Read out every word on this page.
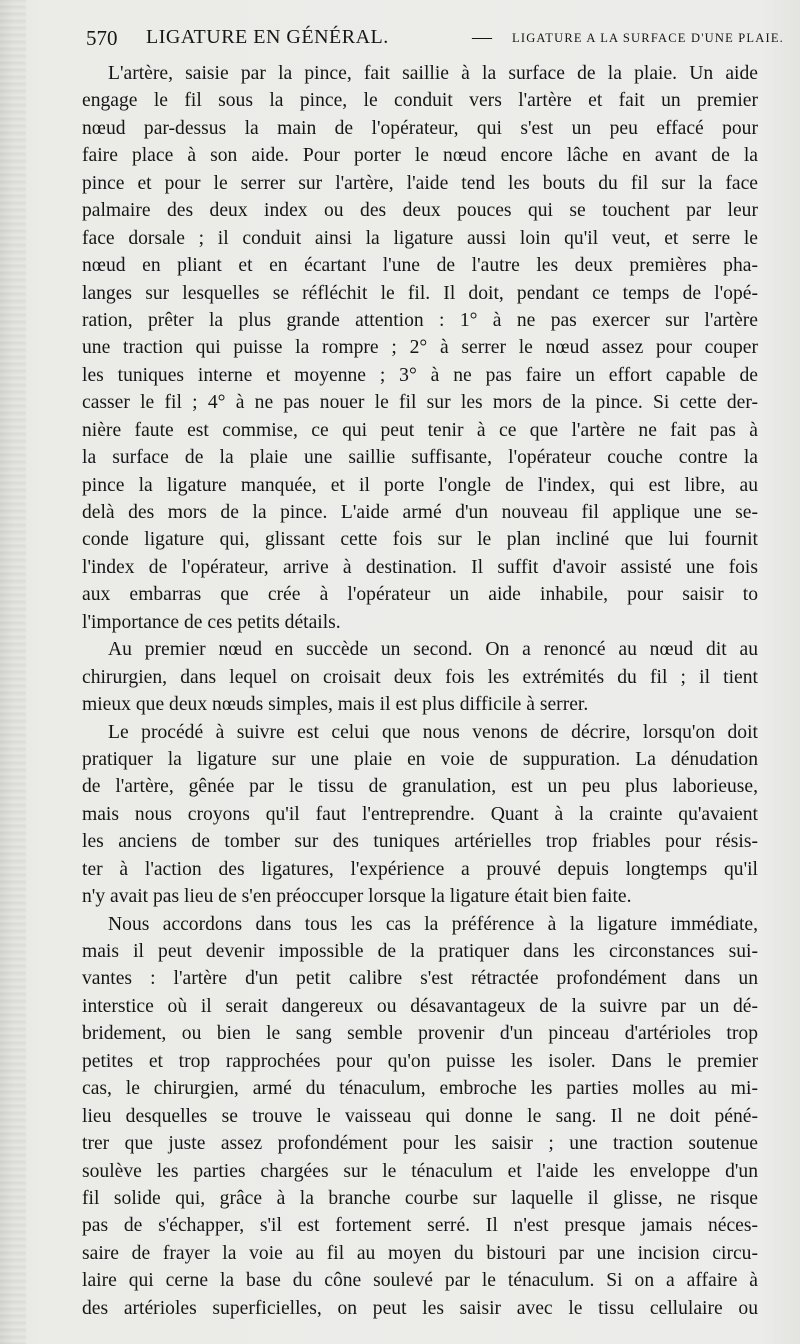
570 LIGATURE EN GÉNÉRAL.	— LIGATURE A LA SURFACE D'UNE PLAIE.
L'artère, saisie par la pince, fait saillie à la surface de la plaie. Un aide
engage le fil sous la pince, le conduit vers l'artère et fait un premier
nœud par-dessus la main de l'opérateur, qui s'est un peu effacé pour
faire place à son aide. Pour porter le nœud encore lâche en avant de la
pince et pour le serrer sur l'artère, l'aide tend les bouts du fil sur la face
palmaire des deux index ou des deux pouces qui se touchent par leur
face dorsale ; il conduit ainsi la ligature aussi loin qu'il veut, et serre le
nœud en pliant et en écartant l'une de l'autre les deux premières pha-
langes sur lesquelles se réfléchit le fil. Il doit, pendant ce temps de l'opé-
ration, prêter la plus grande attention : 1° à ne pas exercer sur l'artère
une traction qui puisse la rompre ; 2° à serrer le nœud assez pour couper
les tuniques interne et moyenne ; 3° à ne pas faire un effort capable de
casser le fil ; 4° à ne pas nouer le fil sur les mors de la pince. Si cette der-
nière faute est commise, ce qui peut tenir à ce que l'artère ne fait pas à
la surface de la plaie une saillie suffisante, l'opérateur couche contre la
pince la ligature manquée, et il porte l'ongle de l'index, qui est libre, au
delà des mors de la pince. L'aide armé d'un nouveau fil applique une se-
conde ligature qui, glissant cette fois sur le plan incliné que lui fournit
l'index de l'opérateur, arrive à destination. Il suffit d'avoir assisté une fois
aux embarras que crée à l'opérateur un aide inhabile, pour saisir to
l'importance de ces petits détails.
Au premier nœud en succède un second. On a renoncé au nœud dit au
chirurgien, dans lequel on croisait deux fois les extrémités du fil ; il tient
mieux que deux nœuds simples, mais il est plus difficile à serrer.
Le procédé à suivre est celui que nous venons de décrire, lorsqu'on doit
pratiquer la ligature sur une plaie en voie de suppuration. La dénudation
de l'artère, gênée par le tissu de granulation, est un peu plus laborieuse,
mais nous croyons qu'il faut l'entreprendre. Quant à la crainte qu'avaient
les anciens de tomber sur des tuniques artérielles trop friables pour résis-
ter à l'action des ligatures, l'expérience a prouvé depuis longtemps qu'il
n'y avait pas lieu de s'en préoccuper lorsque la ligature était bien faite.
Nous accordons dans tous les cas la préférence à la ligature immédiate,
mais il peut devenir impossible de la pratiquer dans les circonstances sui-
vantes : l'artère d'un petit calibre s'est rétractée profondément dans un
interstice où il serait dangereux ou désavantageux de la suivre par un dé-
bridement, ou bien le sang semble provenir d'un pinceau d'artérioles trop
petites et trop rapprochées pour qu'on puisse les isoler. Dans le premier
cas, le chirurgien, armé du ténaculum, embroche les parties molles au mi-
lieu desquelles se trouve le vaisseau qui donne le sang. Il ne doit péné-
trer que juste assez profondément pour les saisir ; une traction soutenue
soulève les parties chargées sur le ténaculum et l'aide les enveloppe d'un
fil solide qui, grâce à la branche courbe sur laquelle il glisse, ne risque
pas de s'échapper, s'il est fortement serré. Il n'est presque jamais néces-
saire de frayer la voie au fil au moyen du bistouri par une incision circu-
laire qui cerne la base du cône soulevé par le ténaculum. Si on a affaire à
des artérioles superficielles, on peut les saisir avec le tissu cellulaire ou
